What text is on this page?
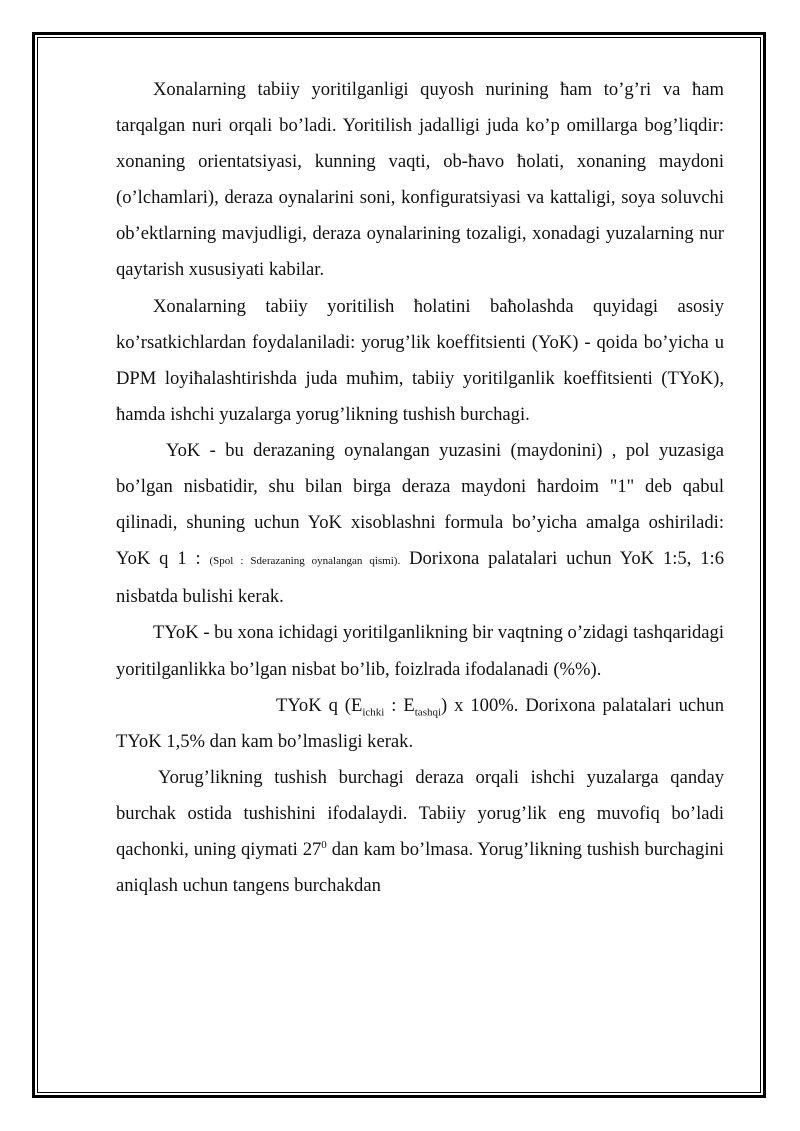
Xonalarning tabiiy yoritilganligi quyosh nurining ħam to’g’ri va ħam tarqalgan nuri orqali bo’ladi. Yoritilish jadalligi juda ko’p omillarga bog’liqdir: xonaning orientatsiyasi, kunning vaqti, ob-ħavo ħolati, xonaning maydoni (o’lchamlari), deraza oynalarini soni, konfiguratsiyasi va kattaligi, soya soluvchi ob’ektlarning mavjudligi, deraza oynalarining tozaligi, xonadagi yuzalarning nur qaytarish xususiyati kabilar.

Xonalarning tabiiy yoritilish ħolatini baħolashda quyidagi asosiy ko’rsatkichlardan foydalaniladi: yorug’lik koeffitsienti (YoK) - qoida bo’yicha u DPM loyiħalashtirishda juda muħim, tabiiy yoritilganlik koeffitsienti (TYoK), ħamda ishchi yuzalarga yorug’likning tushish burchagi.

YoK - bu derazaning oynalangan yuzasini (maydonini) , pol yuzasiga bo’lgan nisbatidir, shu bilan birga deraza maydoni ħardoim "1" deb qabul qilinadi, shuning uchun YoK xisoblashni formula bo’yicha amalga oshiriladi: YoK q 1 : (Spol : Sderazaning oynalangan qismi). Dorixona palatalari uchun YoK 1:5, 1:6 nisbatda bulishi kerak.

TYoK - bu xona ichidagi yoritilganlikning bir vaqtning o’zidagi tashqaridagi yoritilganlikka bo’lgan nisbat bo’lib, foizlrada ifodalanadi (%%).

TYoK q ($E_{ichki}$ : $E_{tashqi}$) x 100%. Dorixona palatalari uchun TYoK 1,5% dan kam bo’lmasligi kerak.

Yorug’likning tushish burchagi deraza orqali ishchi yuzalarga qanday burchak ostida tushishini ifodalaydi. Tabiiy yorug’lik eng muvofiq bo’ladi qachonki, uning qiymati $27^0$ dan kam bo’lmasa. Yorug’likning tushish burchagini aniqlash uchun tangens burchakdan
